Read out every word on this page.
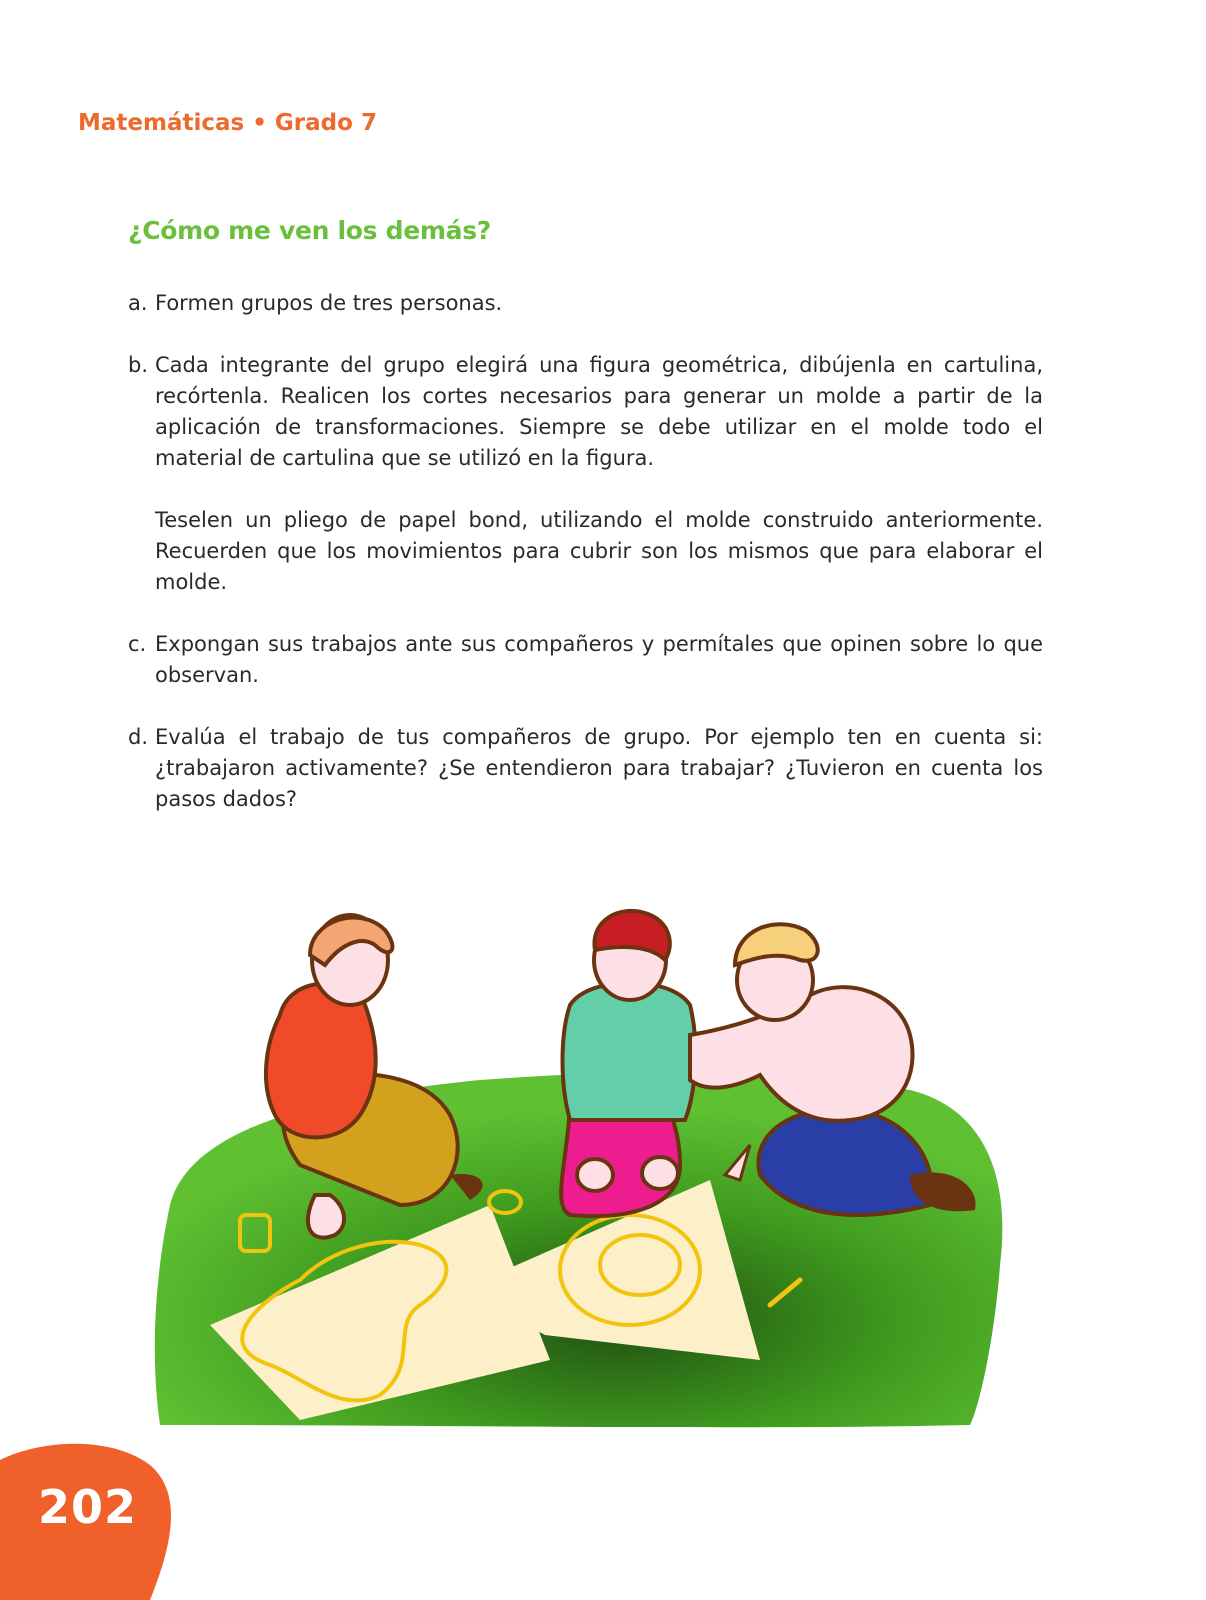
Matemáticas • Grado 7
¿Cómo me ven los demás?
a. Formen grupos de tres personas.

b. Cada integrante del grupo elegirá una figura geométrica, dibújenla en cartulina, recórtenla. Realicen los cortes necesarios para generar un molde a partir de la aplicación de transformaciones. Siempre se debe utilizar en el molde todo el material de cartulina que se utilizó en la figura.

Teselen un pliego de papel bond, utilizando el molde construido anteriormente. Recuerden que los movimientos para cubrir son los mismos que para elaborar el molde.

c. Expongan sus trabajos ante sus compañeros y permítales que opinen sobre lo que observan.

d. Evalúa el trabajo de tus compañeros de grupo. Por ejemplo ten en cuenta si: ¿trabajaron activamente? ¿Se entendieron para trabajar? ¿Tuvieron en cuenta los pasos dados?

202
